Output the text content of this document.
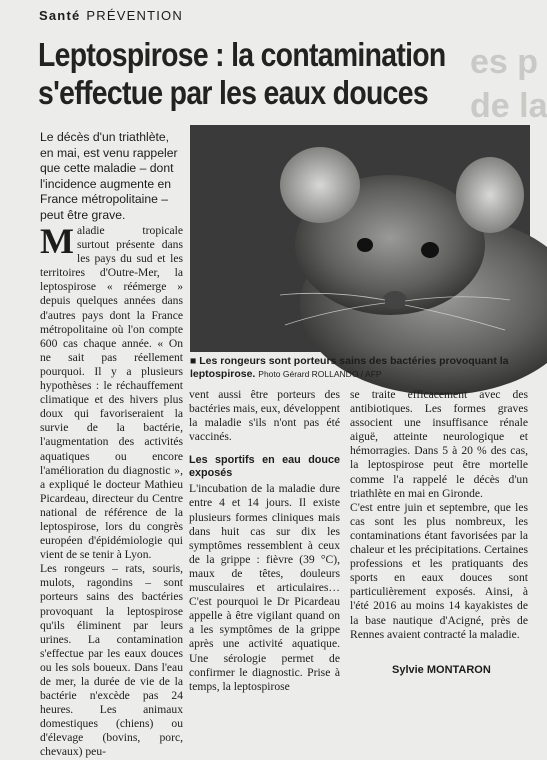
es p
de la
Santé PRÉVENTION
Leptospirose : la contamination s'effectue par les eaux douces
Le décès d'un triathlète, en mai, est venu rappeler que cette maladie – dont l'incidence augmente en France métropolitaine – peut être grave.
■ Les rongeurs sont porteurs sains des bactéries provoquant la leptospirose. Photo Gérard ROLLANDO / AFP

Maladie tropicale surtout présente dans les pays du sud et les territoires d'Outre-Mer, la leptospirose « réémerge » depuis quelques années dans d'autres pays dont la France métropolitaine où l'on compte 600 cas chaque année. « On ne sait pas réellement pourquoi. Il y a plusieurs hypothèses : le réchauffement climatique et des hivers plus doux qui favoriseraient la survie de la bactérie, l'augmentation des activités aquatiques ou encore l'amélioration du diagnostic », a expliqué le docteur Mathieu Picardeau, directeur du Centre national de référence de la leptospirose, lors du congrès européen d'épidémiologie qui vient de se tenir à Lyon.

Les rongeurs – rats, souris, mulots, ragondins – sont porteurs sains des bactéries provoquant la leptospirose qu'ils éliminent par leurs urines. La contamination s'effectue par les eaux douces ou les sols boueux. Dans l'eau de mer, la durée de vie de la bactérie n'excède pas 24 heures. Les animaux domestiques (chiens) ou d'élevage (bovins, porc, chevaux) peu-

vent aussi être porteurs des bactéries mais, eux, développent la maladie s'ils n'ont pas été vaccinés.

Les sportifs en eau douce exposés

L'incubation de la maladie dure entre 4 et 14 jours. Il existe plusieurs formes cliniques mais dans huit cas sur dix les symptômes ressemblent à ceux de la grippe : fièvre (39 °C), maux de têtes, douleurs musculaires et articulaires… C'est pourquoi le Dr Picardeau appelle à être vigilant quand on a les symptômes de la grippe après une activité aquatique. Une sérologie permet de confirmer le diagnostic. Prise à temps, la leptospirose

se traite efficacement avec des antibiotiques. Les formes graves associent une insuffisance rénale aiguë, atteinte neurologique et hémorragies. Dans 5 à 20 % des cas, la leptospirose peut être mortelle comme l'a rappelé le décès d'un triathlète en mai en Gironde.

C'est entre juin et septembre, que les cas sont les plus nombreux, les contaminations étant favorisées par la chaleur et les précipitations. Certaines professions et les pratiquants des sports en eaux douces sont particulièrement exposés. Ainsi, à l'été 2016 au moins 14 kayakistes de la base nautique d'Acigné, près de Rennes avaient contracté la maladie.

Sylvie MONTARON
